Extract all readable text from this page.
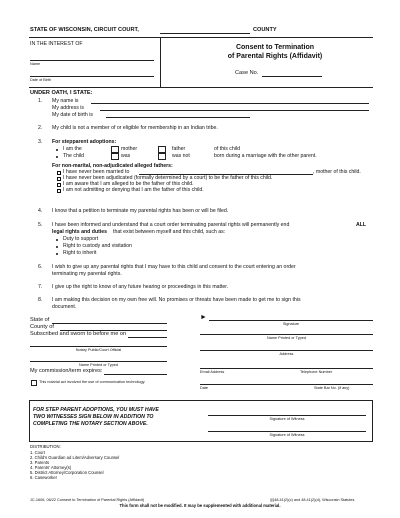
STATE OF WISCONSIN, CIRCUIT COURT,	COUNTY
IN THE INTEREST OF
Name
Date of Birth
Consent to Termination
of Parental Rights (Affidavit)
Case No.
UNDER OATH, I STATE:
1. My name is
My address is
My date of birth is
2. My child is not a member of or eligible for membership in an Indian tribe.
3. For stepparent adoptions:
I am the	mother	father	of this child
The child	was	was not	born during a marriage with the other parent.
For non-marital, non-adjudicated alleged fathers:
I have never been married to	, mother of this child.
I have never been adjudicated (formally determined by a court) to be the father of this child.
I am aware that I am alleged to be the father of this child.
I am not admitting or denying that I am the father of this child.
4. I know that a petition to terminate my parental rights has been or will be filed.
5. I have been informed and understand that a court order terminating parental rights will permanently end	ALL
legal rights and duties that exist between myself and this child, such as:
Duty to support
Right to custody and visitation
Right to inherit
6. I wish to give up any parental rights that I may have to this child and consent to the court entering an order
terminating my parental rights.
7. I give up the right to know of any future hearing or proceedings in this matter.
8. I am making this decision on my own free will. No promises or threats have been made to get me to sign this
document.
State of
County of
Subscribed and sworn to before me on
Notary Public/Court Official
Name Printed or Typed
My commission/term expires:
This notarial act involved the use of communication technology.
►
Signature
Name Printed or Typed
Address
Email Address	Telephone Number
Date	State Bar No. (if any)
FOR STEP PARENT ADOPTIONS, YOU MUST HAVE
TWO WITNESSES SIGN BELOW IN ADDITION TO
COMPLETING THE NOTARY SECTION ABOVE.
Signature of Witness
Signature of Witness
DISTRIBUTION:
1. Court
2. Child's Guardian ad Litem/Adversary Counsel
3. Parents
4. Parents' Attorney(s)
5. District Attorney/Corporation Counsel
6. Caseworker
JC-1606, 06/22 Consent to Termination of Parental Rights (Affidavit)	§§48.41(2)(c) and 48.41(2)(d), Wisconsin Statutes
This form shall not be modified. It may be supplemented with additional material.
